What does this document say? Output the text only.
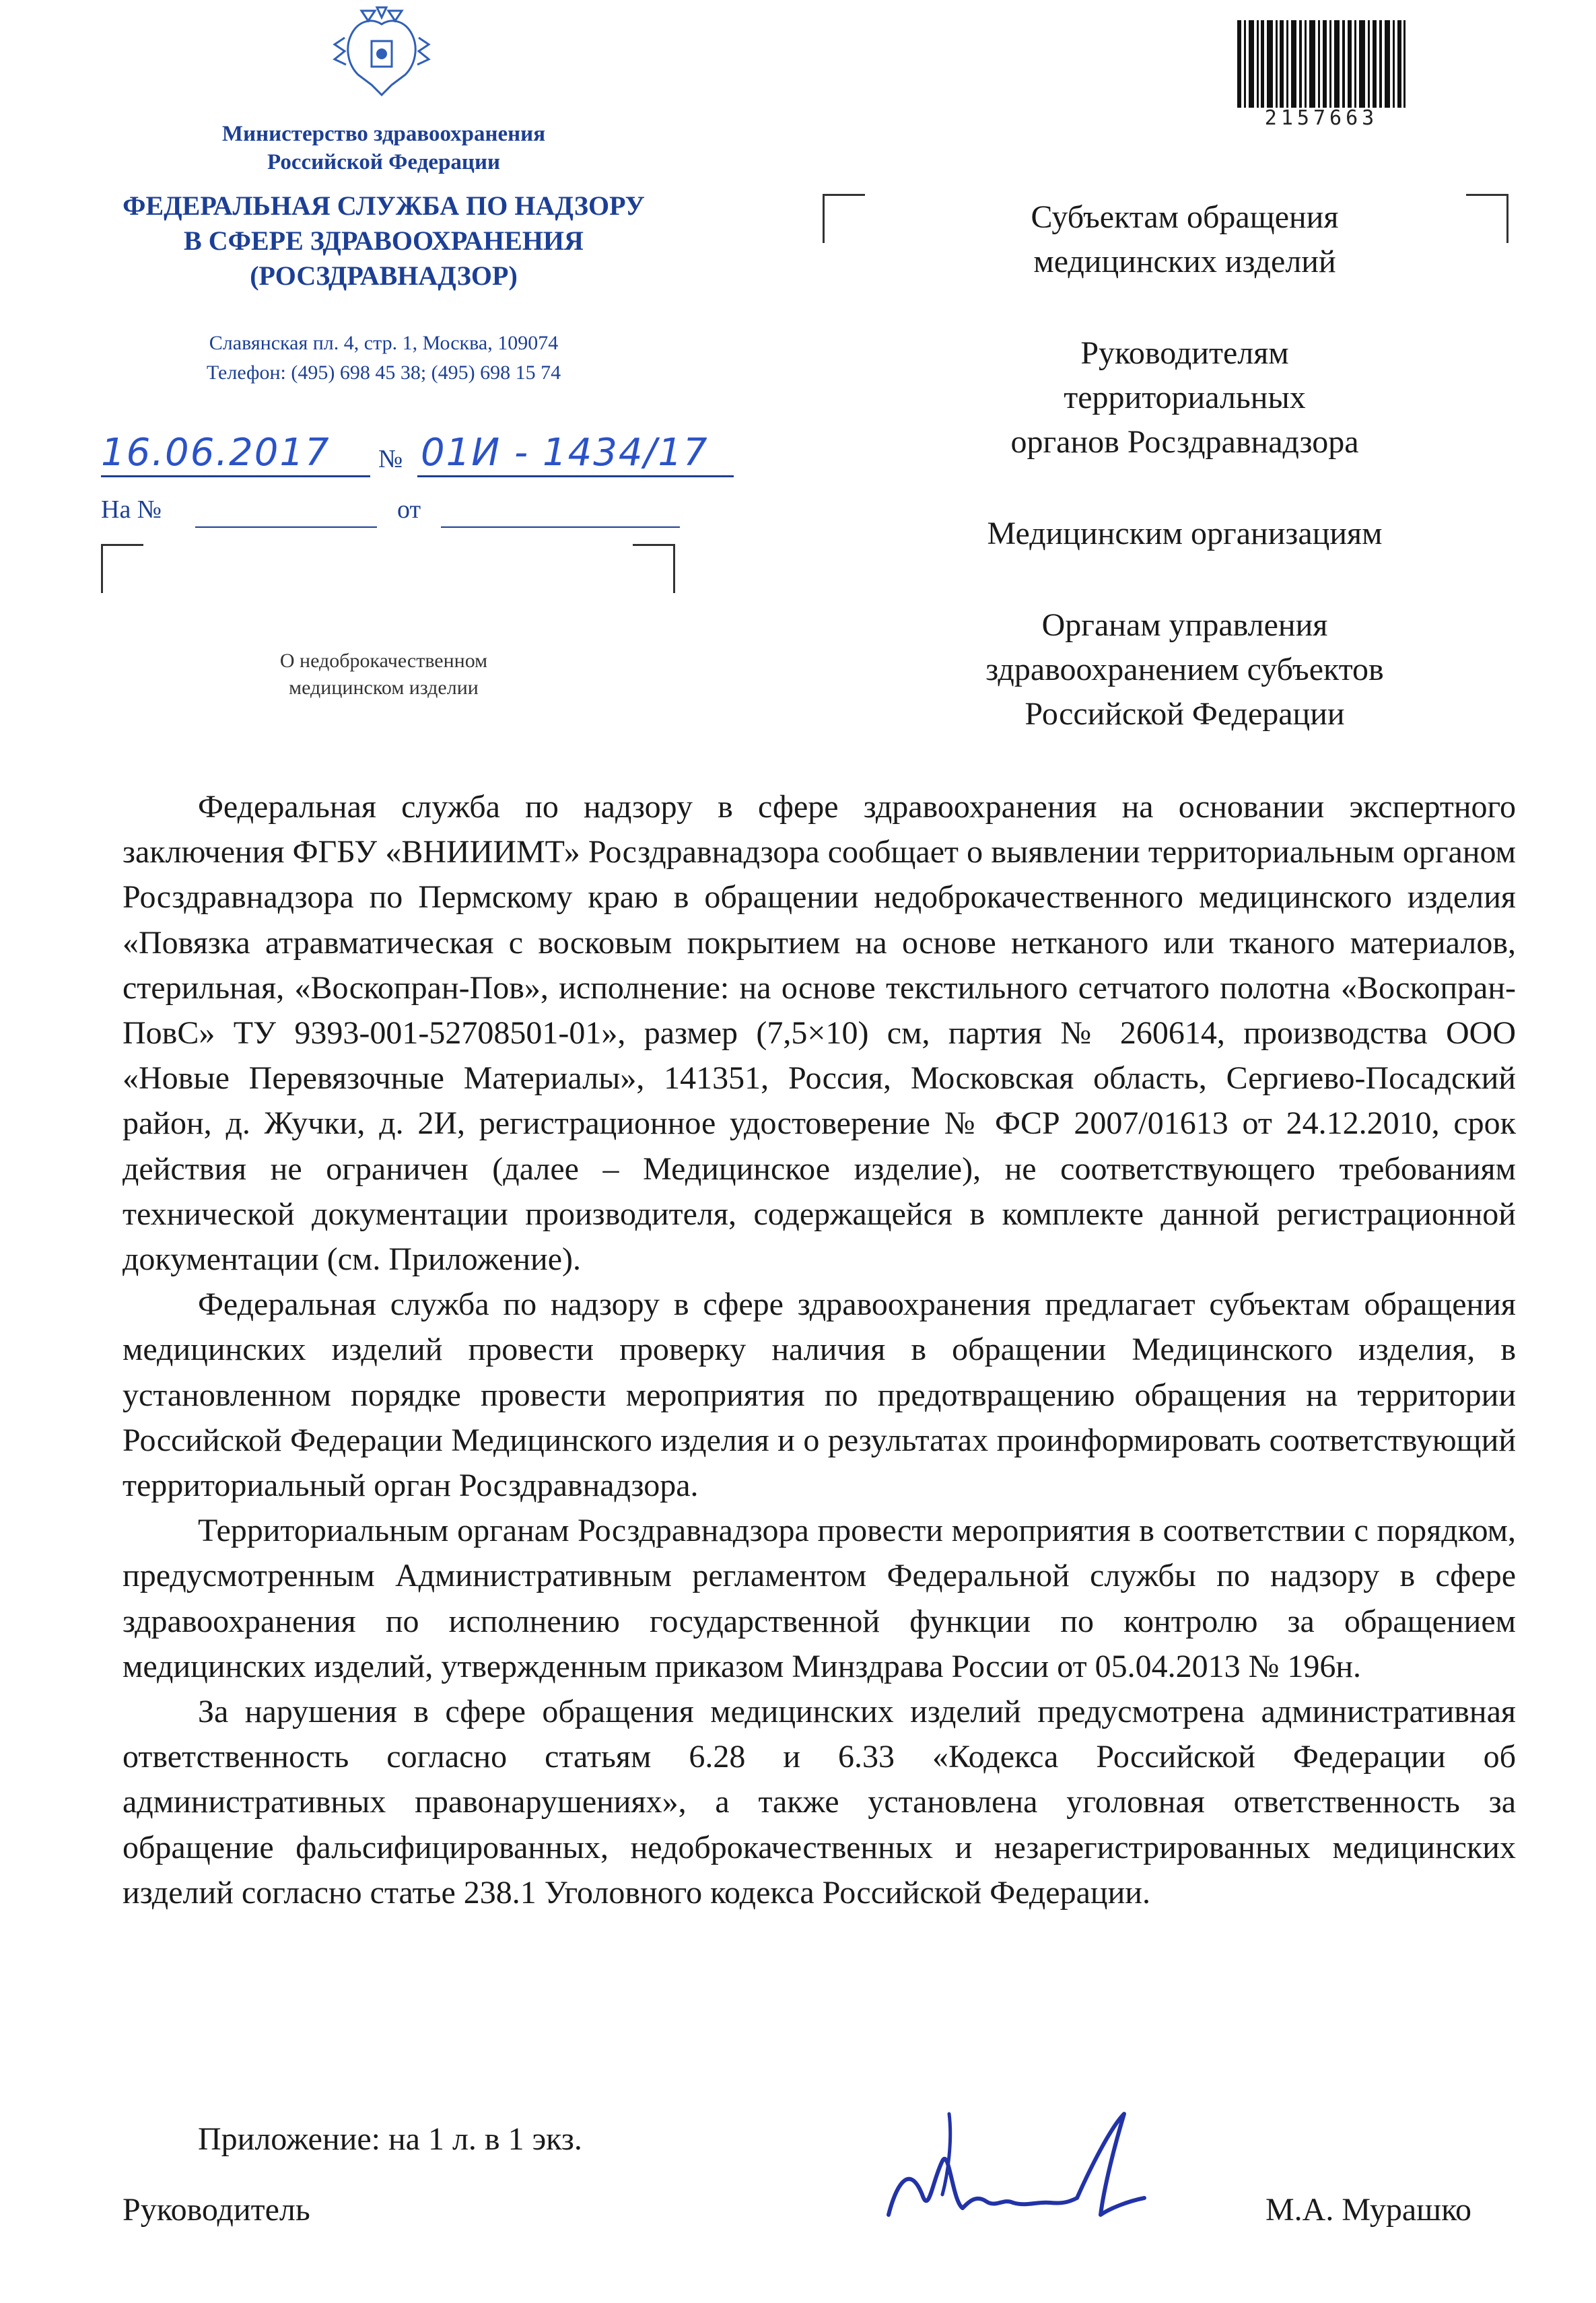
Министерство здравоохранения
Российской Федерации
ФЕДЕРАЛЬНАЯ СЛУЖБА ПО НАДЗОРУ
В СФЕРЕ ЗДРАВООХРАНЕНИЯ
(РОСЗДРАВНАДЗОР)
Славянская пл. 4, стр. 1, Москва, 109074
Телефон: (495) 698 45 38; (495) 698 15 74
16.06.2017 № 01И - 1434/17
На №	от
О недоброкачественном
медицинском изделии
2157663
Субъектам обращения
медицинских изделий
Руководителям
территориальных
органов Росздравнадзора
Медицинским организациям
Органам управления
здравоохранением субъектов
Российской Федерации

Федеральная служба по надзору в сфере здравоохранения на основании экспертного заключения ФГБУ «ВНИИИМТ» Росздравнадзора сообщает о выявлении территориальным органом Росздравнадзора по Пермскому краю в обращении недоброкачественного медицинского изделия «Повязка атравматическая с восковым покрытием на основе нетканого или тканого материалов, стерильная, «Воскопран-Пов», исполнение: на основе текстильного сетчатого полотна «Воскопран-ПовС» ТУ 9393-001-52708501-01», размер (7,5×10) см, партия № 260614, производства ООО «Новые Перевязочные Материалы», 141351, Россия, Московская область, Сергиево-Посадский район, д. Жучки, д. 2И, регистрационное удостоверение № ФСР 2007/01613 от 24.12.2010, срок действия не ограничен (далее – Медицинское изделие), не соответствующего требованиям технической документации производителя, содержащейся в комплекте данной регистрационной документации (см. Приложение).

Федеральная служба по надзору в сфере здравоохранения предлагает субъектам обращения медицинских изделий провести проверку наличия в обращении Медицинского изделия, в установленном порядке провести мероприятия по предотвращению обращения на территории Российской Федерации Медицинского изделия и о результатах проинформировать соответствующий территориальный орган Росздравнадзора.

Территориальным органам Росздравнадзора провести мероприятия в соответствии с порядком, предусмотренным Административным регламентом Федеральной службы по надзору в сфере здравоохранения по исполнению государственной функции по контролю за обращением медицинских изделий, утвержденным приказом Минздрава России от 05.04.2013 № 196н.

За нарушения в сфере обращения медицинских изделий предусмотрена административная ответственность согласно статьям 6.28 и 6.33 «Кодекса Российской Федерации об административных правонарушениях», а также установлена уголовная ответственность за обращение фальсифицированных, недоброкачественных и незарегистрированных медицинских изделий согласно статье 238.1 Уголовного кодекса Российской Федерации.

Приложение: на 1 л. в 1 экз.
Руководитель	М.А. Мурашко
